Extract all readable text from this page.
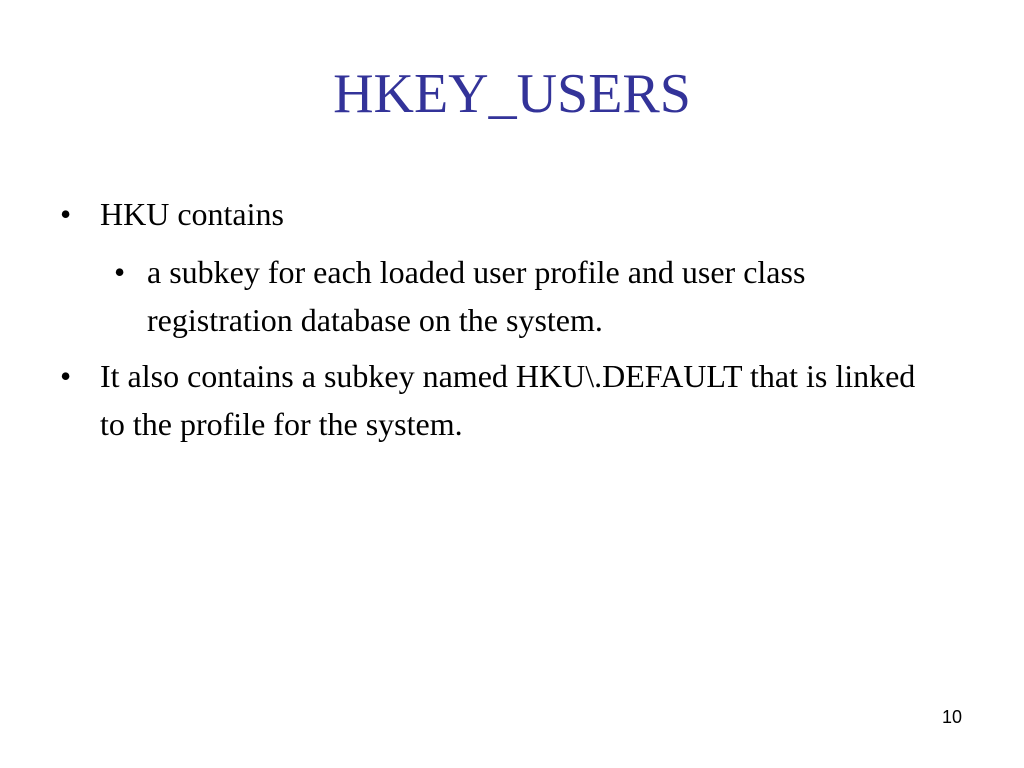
HKEY_USERS
• HKU contains
• a subkey for each loaded user profile and user class registration database on the system.
• It also contains a subkey named HKU\.DEFAULT that is linked to the profile for the system.
10
